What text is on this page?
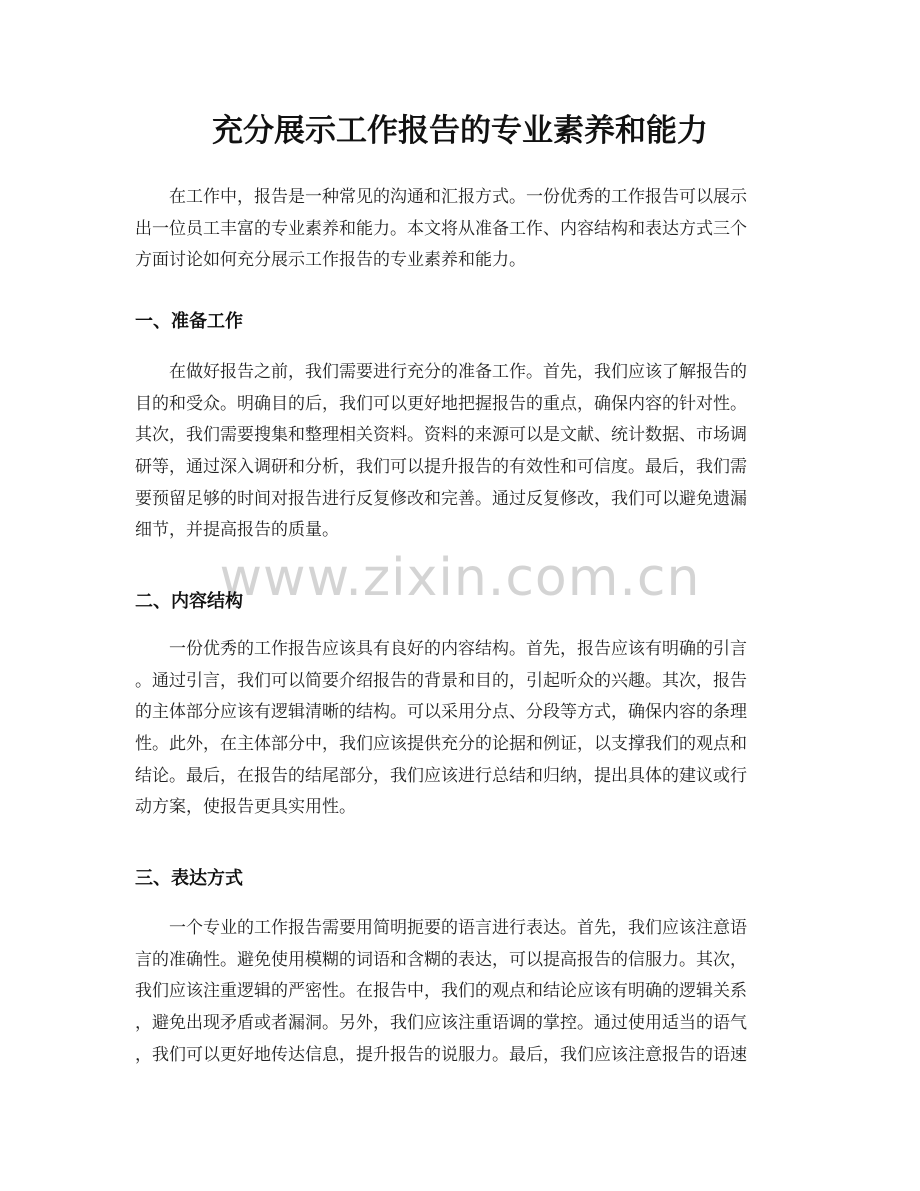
充分展示工作报告的专业素养和能力
在工作中，报告是一种常见的沟通和汇报方式。一份优秀的工作报告可以展示
出一位员工丰富的专业素养和能力。本文将从准备工作、内容结构和表达方式三个
方面讨论如何充分展示工作报告的专业素养和能力。
一、准备工作
在做好报告之前，我们需要进行充分的准备工作。首先，我们应该了解报告的
目的和受众。明确目的后，我们可以更好地把握报告的重点，确保内容的针对性。
其次，我们需要搜集和整理相关资料。资料的来源可以是文献、统计数据、市场调
研等，通过深入调研和分析，我们可以提升报告的有效性和可信度。最后，我们需
要预留足够的时间对报告进行反复修改和完善。通过反复修改，我们可以避免遗漏
细节，并提高报告的质量。
www.zixin.com.cn
二、内容结构
一份优秀的工作报告应该具有良好的内容结构。首先，报告应该有明确的引言
。通过引言，我们可以简要介绍报告的背景和目的，引起听众的兴趣。其次，报告
的主体部分应该有逻辑清晰的结构。可以采用分点、分段等方式，确保内容的条理
性。此外，在主体部分中，我们应该提供充分的论据和例证，以支撑我们的观点和
结论。最后，在报告的结尾部分，我们应该进行总结和归纳，提出具体的建议或行
动方案，使报告更具实用性。
三、表达方式
一个专业的工作报告需要用简明扼要的语言进行表达。首先，我们应该注意语
言的准确性。避免使用模糊的词语和含糊的表达，可以提高报告的信服力。其次，
我们应该注重逻辑的严密性。在报告中，我们的观点和结论应该有明确的逻辑关系
，避免出现矛盾或者漏洞。另外，我们应该注重语调的掌控。通过使用适当的语气
，我们可以更好地传达信息，提升报告的说服力。最后，我们应该注意报告的语速
